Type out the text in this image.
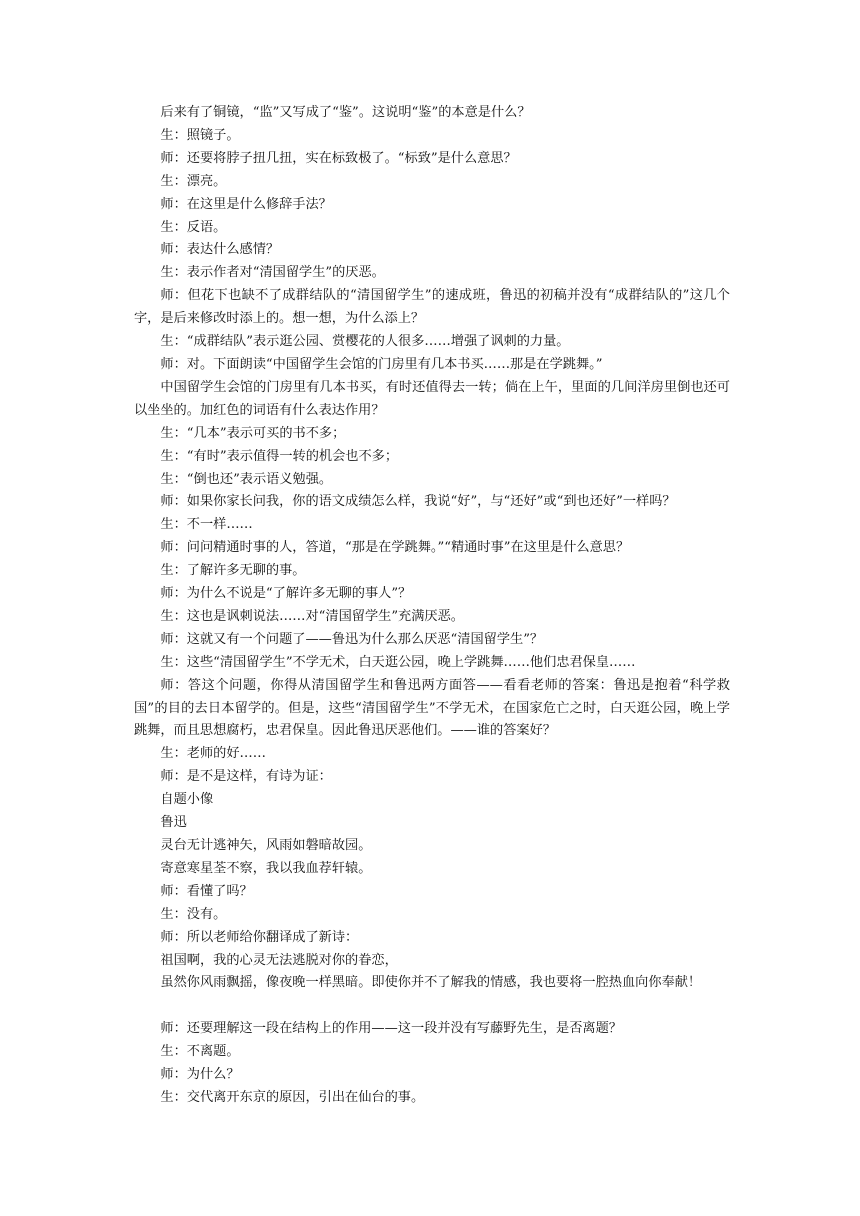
后来有了铜镜，“监”又写成了“鉴”。这说明“鉴”的本意是什么？

生：照镜子。

师：还要将脖子扭几扭，实在标致极了。“标致”是什么意思？

生：漂亮。

师：在这里是什么修辞手法？

生：反语。

师：表达什么感情？

生：表示作者对“清国留学生”的厌恶。

师：但花下也缺不了成群结队的“清国留学生”的速成班，鲁迅的初稿并没有“成群结队的”这几个字，是后来修改时添上的。想一想，为什么添上？

生：“成群结队”表示逛公园、赏樱花的人很多……增强了讽刺的力量。

师：对。下面朗读“中国留学生会馆的门房里有几本书买……那是在学跳舞。”

中国留学生会馆的门房里有几本书买，有时还值得去一转；倘在上午，里面的几间洋房里倒也还可以坐坐的。加红色的词语有什么表达作用？

生：“几本”表示可买的书不多；

生：“有时”表示值得一转的机会也不多；

生：“倒也还”表示语义勉强。

师：如果你家长问我，你的语文成绩怎么样，我说“好”，与“还好”或“到也还好”一样吗？

生：不一样……

师：问问精通时事的人，答道，“那是在学跳舞。”“精通时事”在这里是什么意思？

生：了解许多无聊的事。

师：为什么不说是“了解许多无聊的事人”？

生：这也是讽刺说法……对“清国留学生”充满厌恶。

师：这就又有一个问题了——鲁迅为什么那么厌恶“清国留学生”？

生：这些“清国留学生”不学无术，白天逛公园，晚上学跳舞……他们忠君保皇……

师：答这个问题，你得从清国留学生和鲁迅两方面答——看看老师的答案：鲁迅是抱着“科学救国”的目的去日本留学的。但是，这些“清国留学生”不学无术，在国家危亡之时，白天逛公园，晚上学跳舞，而且思想腐朽，忠君保皇。因此鲁迅厌恶他们。——谁的答案好？

生：老师的好……

师：是不是这样，有诗为证：

自题小像

鲁迅

灵台无计逃神矢，风雨如磐暗故园。

寄意寒星荃不察，我以我血荐轩辕。

师：看懂了吗？

生：没有。

师：所以老师给你翻译成了新诗：

祖国啊，我的心灵无法逃脱对你的眷恋，

虽然你风雨飘摇，像夜晚一样黑暗。即使你并不了解我的情感，我也要将一腔热血向你奉献！

师：还要理解这一段在结构上的作用——这一段并没有写藤野先生，是否离题？

生：不离题。

师：为什么？

生：交代离开东京的原因，引出在仙台的事。
